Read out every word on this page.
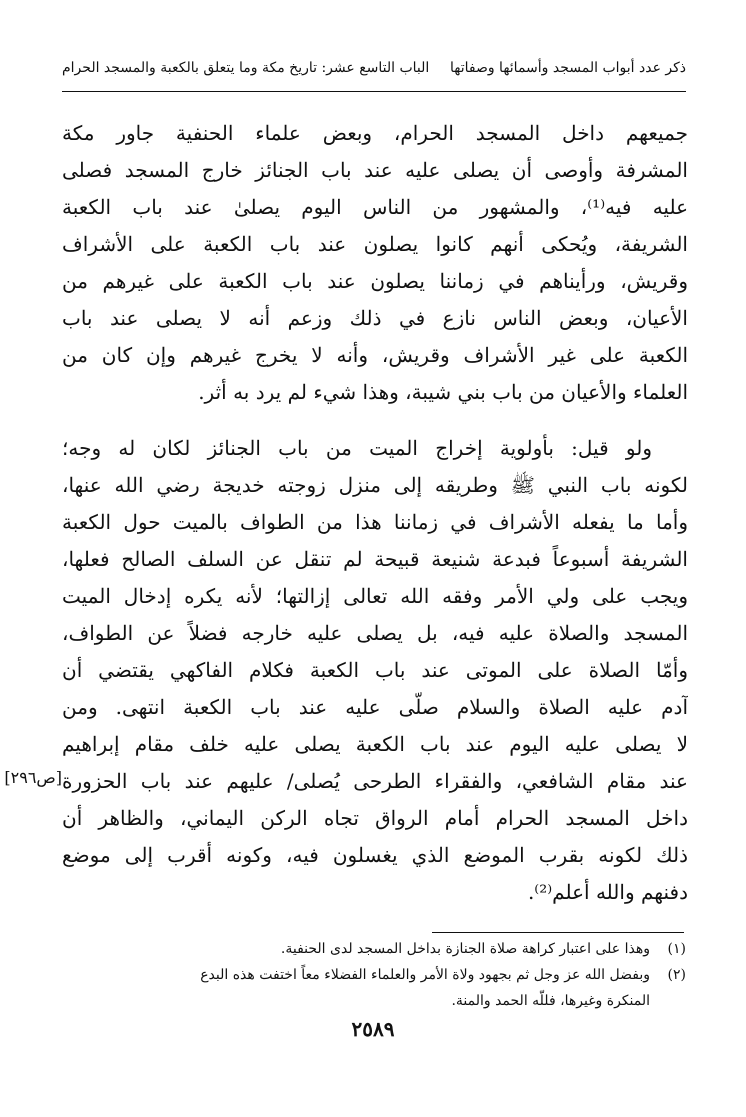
ذكر عدد أبواب المسجد وأسمائها وصفاتها
الباب التاسع عشر: تاريخ مكة وما يتعلق بالكعبة والمسجد الحرام
جميعهم داخل المسجد الحرام، وبعض علماء الحنفية جاور مكة
المشرفة وأوصى أن يصلى عليه عند باب الجنائز خارج المسجد فصلى
عليه فيه⁽¹⁾، والمشهور من الناس اليوم يصلىٰ عند باب الكعبة
الشريفة، ويُحكى أنهم كانوا يصلون عند باب الكعبة على الأشراف
وقريش، ورأيناهم في زماننا يصلون عند باب الكعبة على غيرهم من
الأعيان، وبعض الناس نازع في ذلك وزعم أنه لا يصلى عند باب
الكعبة على غير الأشراف وقريش، وأنه لا يخرج غيرهم وإن كان من
العلماء والأعيان من باب بني شيبة، وهذا شيء لم يرد به أثر.
ولو قيل: بأولوية إخراج الميت من باب الجنائز لكان له وجه؛
لكونه باب النبي ﷺ وطريقه إلى منزل زوجته خديجة رضي الله عنها،
وأما ما يفعله الأشراف في زماننا هذا من الطواف بالميت حول الكعبة
الشريفة أسبوعاً فبدعة شنيعة قبيحة لم تنقل عن السلف الصالح فعلها،
ويجب على ولي الأمر وفقه الله تعالى إزالتها؛ لأنه يكره إدخال الميت
المسجد والصلاة عليه فيه، بل يصلى عليه خارجه فضلاً عن الطواف،
وأمّا الصلاة على الموتى عند باب الكعبة فكلام الفاكهي يقتضي أن
آدم عليه الصلاة والسلام صلّى عليه عند باب الكعبة انتهى. ومن
لا يصلى عليه اليوم عند باب الكعبة يصلى عليه خلف مقام إبراهيم
عند مقام الشافعي، والفقراء الطرحى يُصلى/ عليهم عند باب الحزورة
داخل المسجد الحرام أمام الرواق تجاه الركن اليماني، والظاهر أن
ذلك لكونه بقرب الموضع الذي يغسلون فيه، وكونه أقرب إلى موضع
دفنهم والله أعلم⁽²⁾.
[ص٢٩٦]
(١)وهذا على اعتبار كراهة صلاة الجنازة بداخل المسجد لدى الحنفية.
(٢)وبفضل الله عز وجل ثم بجهود ولاة الأمر والعلماء الفضلاء معاً اختفت هذه البدع
المنكرة وغيرها، فللّه الحمد والمنة.
٢٥٨٩
